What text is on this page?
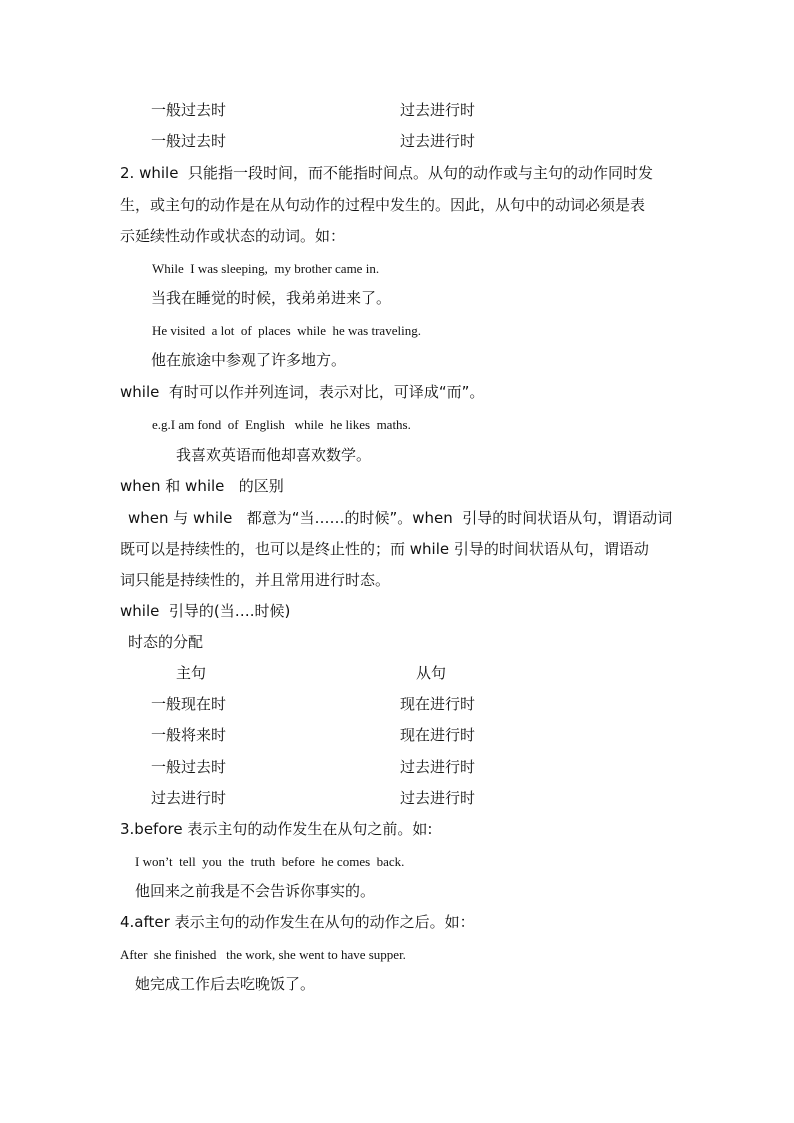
一般过去时	过去进行时
一般过去时	过去进行时
2. while  只能指一段时间，而不能指时间点。从句的动作或与主句的动作同时发
生，或主句的动作是在从句动作的过程中发生的。因此，从句中的动词必须是表
示延续性动作或状态的动词。如：
While  I was sleeping,  my brother came in.
当我在睡觉的时候，我弟弟进来了。
He visited  a lot  of  places  while  he was traveling.
他在旅途中参观了许多地方。
while  有时可以作并列连词，表示对比，可译成“而”。
e.g.I am fond  of  English   while  he likes  maths.
我喜欢英语而他却喜欢数学。
when 和 while   的区别
when 与 while   都意为“当……的时候”。when  引导的时间状语从句，谓语动词
既可以是持续性的，也可以是终止性的；而 while 引导的时间状语从句，谓语动
词只能是持续性的，并且常用进行时态。
while  引导的(当….时候)
时态的分配
主句	从句
一般现在时	现在进行时
一般将来时	现在进行时
一般过去时	过去进行时
过去进行时	过去进行时
3.before 表示主句的动作发生在从句之前。如:
I won’t  tell  you  the  truth  before  he comes  back.
他回来之前我是不会告诉你事实的。
4.after 表示主句的动作发生在从句的动作之后。如：
After  she finished   the work, she went to have supper.
她完成工作后去吃晚饭了。
